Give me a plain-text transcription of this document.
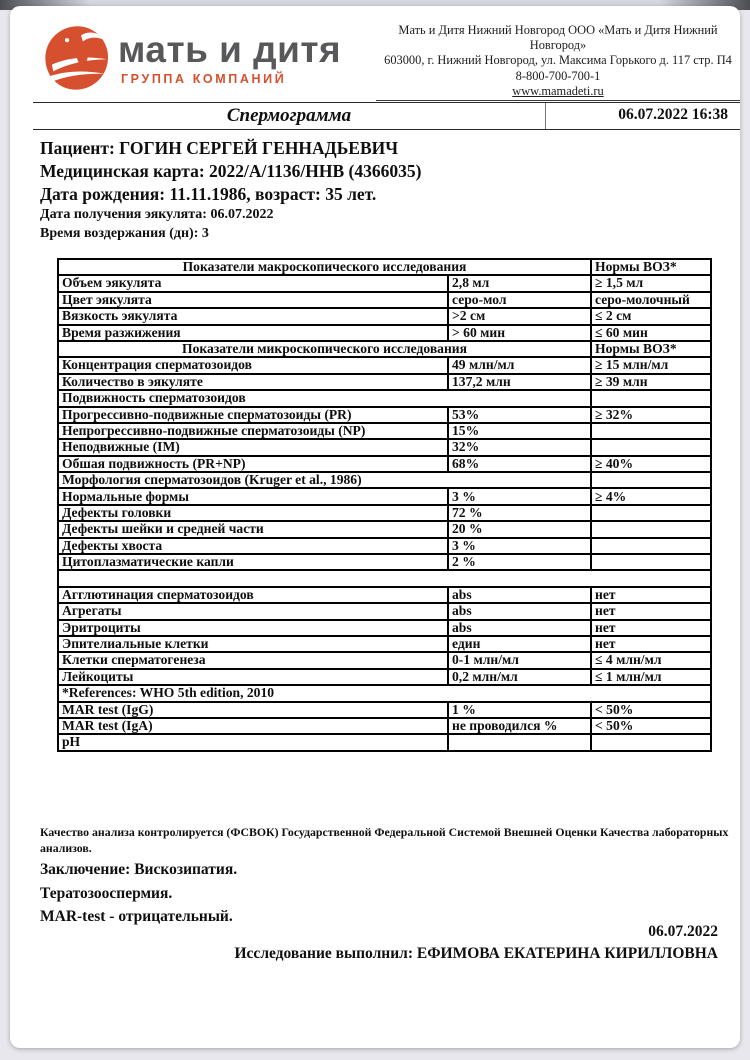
мать и дитя
ГРУППА КОМПАНИЙ
Мать и Дитя Нижний Новгород ООО «Мать и Дитя Нижний
Новгород»
603000, г. Нижний Новгород, ул. Максима Горького д. 117 стр. П4
8-800-700-700-1
www.mamadeti.ru
Спермограмма	06.07.2022 16:38
Пациент: ГОГИН СЕРГЕЙ ГЕННАДЬЕВИЧ
Медицинская карта: 2022/А/1136/ННВ (4366035)
Дата рождения: 11.11.1986, возраст: 35 лет.
Дата получения эякулята: 06.07.2022
Время воздержания (дн): 3
Показатели макроскопического исследования		Нормы ВОЗ*
Объем эякулята	2,8 мл	≥ 1,5 мл
Цвет эякулята	серо-мол	серо-молочный
Вязкость эякулята	>2 см	≤ 2 см
Время разжижения	> 60 мин	≤ 60 мин
Показатели микроскопического исследования		Нормы ВОЗ*
Концентрация сперматозоидов	49 млн/мл	≥ 15 млн/мл
Количество в эякуляте	137,2 млн	≥ 39 млн
Подвижность сперматозоидов		
Прогрессивно-подвижные сперматозоиды (PR)	53%	≥ 32%
Непрогрессивно-подвижные сперматозоиды (NP)	15%	
Неподвижные (IM)	32%	
Обшая подвижность (PR+NP)	68%	≥ 40%
Морфология сперматозоидов (Kruger et al., 1986)		
Нормальные формы	3 %	≥ 4%
Дефекты головки	72 %	
Дефекты шейки и средней части	20 %	
Дефекты хвоста	3 %	
Цитоплазматические капли	2 %	

Агглютинация сперматозоидов	abs	нет
Агрегаты	abs	нет
Эритроциты	abs	нет
Эпителиальные клетки	един	нет
Клетки сперматогенеза	0-1 млн/мл	≤ 4 млн/мл
Лейкоциты	0,2 млн/мл	≤ 1 млн/мл
*References: WHO 5th edition, 2010		
MAR test (IgG)	1 %	< 50%
MAR test (IgA)	не проводился %	< 50%
pH		
Качество анализа контролируется (ФСВОК) Государственной Федеральной Системой Внешней Оценки Качества лабораторных
анализов.
Заключение: Вискозипатия.
Тератозооспермия.
MAR-test - отрицательный.
06.07.2022
Исследование выполнил: ЕФИМОВА ЕКАТЕРИНА КИРИЛЛОВНА
